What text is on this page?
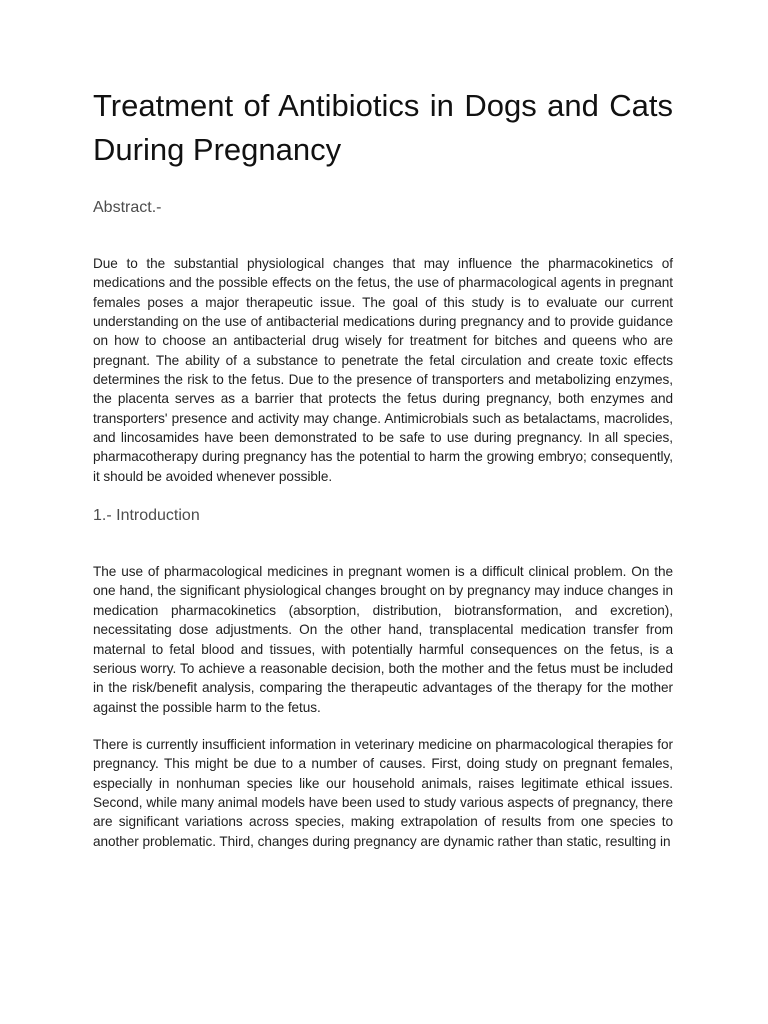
Treatment of Antibiotics in Dogs and Cats During Pregnancy
Abstract.-

Due to the substantial physiological changes that may influence the pharmacokinetics of medications and the possible effects on the fetus, the use of pharmacological agents in pregnant females poses a major therapeutic issue. The goal of this study is to evaluate our current understanding on the use of antibacterial medications during pregnancy and to provide guidance on how to choose an antibacterial drug wisely for treatment for bitches and queens who are pregnant. The ability of a substance to penetrate the fetal circulation and create toxic effects determines the risk to the fetus. Due to the presence of transporters and metabolizing enzymes, the placenta serves as a barrier that protects the fetus during pregnancy, both enzymes and transporters' presence and activity may change. Antimicrobials such as betalactams, macrolides, and lincosamides have been demonstrated to be safe to use during pregnancy. In all species, pharmacotherapy during pregnancy has the potential to harm the growing embryo; consequently, it should be avoided whenever possible.

1.- Introduction

The use of pharmacological medicines in pregnant women is a difficult clinical problem. On the one hand, the significant physiological changes brought on by pregnancy may induce changes in medication pharmacokinetics (absorption, distribution, biotransformation, and excretion), necessitating dose adjustments. On the other hand, transplacental medication transfer from maternal to fetal blood and tissues, with potentially harmful consequences on the fetus, is a serious worry. To achieve a reasonable decision, both the mother and the fetus must be included in the risk/benefit analysis, comparing the therapeutic advantages of the therapy for the mother against the possible harm to the fetus.

There is currently insufficient information in veterinary medicine on pharmacological therapies for pregnancy. This might be due to a number of causes. First, doing study on pregnant females, especially in nonhuman species like our household animals, raises legitimate ethical issues. Second, while many animal models have been used to study various aspects of pregnancy, there are significant variations across species, making extrapolation of results from one species to another problematic. Third, changes during pregnancy are dynamic rather than static, resulting in
